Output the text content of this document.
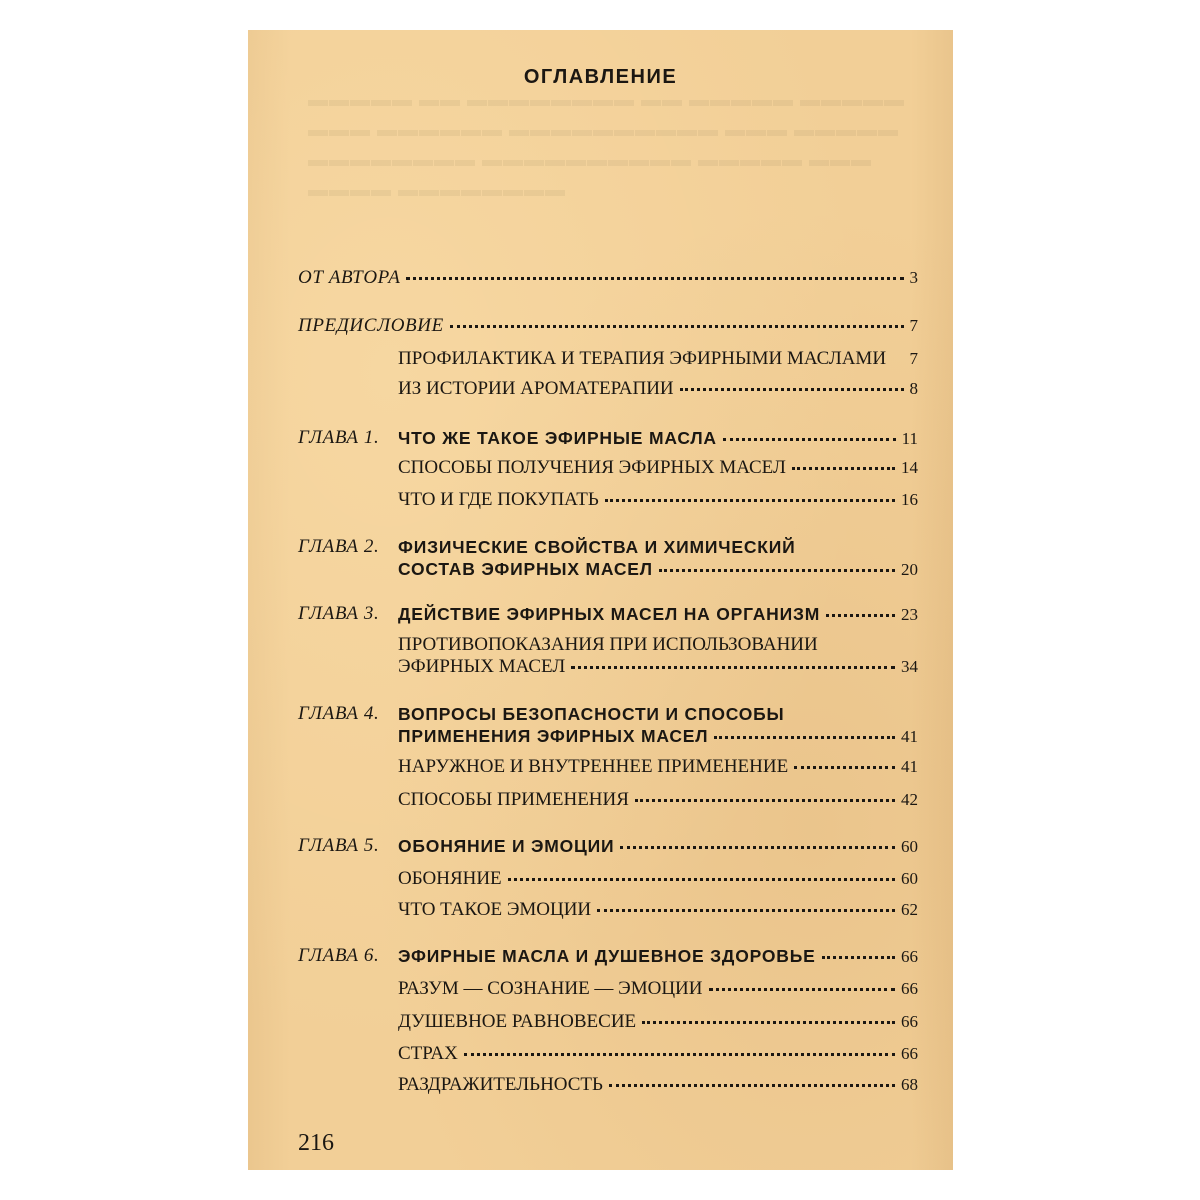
▬▬▬▬▬ ▬▬ ▬▬▬▬▬▬▬▬ ▬▬ ▬▬▬▬▬ ▬▬▬▬▬
▬▬▬ ▬▬▬▬▬▬ ▬▬▬▬▬▬▬▬▬▬ ▬▬▬ ▬▬▬▬▬
▬▬▬▬▬▬▬▬ ▬▬▬▬▬▬▬▬▬▬ ▬▬▬▬▬ ▬▬▬
▬▬▬▬ ▬▬▬▬▬▬▬▬

ОГЛАВЛЕНИЕ
ОТ АВТОРА	3
ПРЕДИСЛОВИЕ	7
ПРОФИЛАКТИКА И ТЕРАПИЯ ЭФИРНЫМИ МАСЛАМИ 7
ИЗ ИСТОРИИ АРОМАТЕРАПИИ	8
ГЛАВА 1. ЧТО ЖЕ ТАКОЕ ЭФИРНЫЕ МАСЛА	11
СПОСОБЫ ПОЛУЧЕНИЯ ЭФИРНЫХ МАСЕЛ	14
ЧТО И ГДЕ ПОКУПАТЬ	16
ГЛАВА 2. ФИЗИЧЕСКИЕ СВОЙСТВА И ХИМИЧЕСКИЙ
СОСТАВ ЭФИРНЫХ МАСЕЛ	20
ГЛАВА 3. ДЕЙСТВИЕ ЭФИРНЫХ МАСЕЛ НА ОРГАНИЗМ	23
ПРОТИВОПОКАЗАНИЯ ПРИ ИСПОЛЬЗОВАНИИ
ЭФИРНЫХ МАСЕЛ	34
ГЛАВА 4. ВОПРОСЫ БЕЗОПАСНОСТИ И СПОСОБЫ
ПРИМЕНЕНИЯ ЭФИРНЫХ МАСЕЛ	41
НАРУЖНОЕ И ВНУТРЕННЕЕ ПРИМЕНЕНИЕ	41
СПОСОБЫ ПРИМЕНЕНИЯ	42
ГЛАВА 5. ОБОНЯНИЕ И ЭМОЦИИ	60
ОБОНЯНИЕ	60
ЧТО ТАКОЕ ЭМОЦИИ	62
ГЛАВА 6. ЭФИРНЫЕ МАСЛА И ДУШЕВНОЕ ЗДОРОВЬЕ	66
РАЗУМ — СОЗНАНИЕ — ЭМОЦИИ	66
ДУШЕВНОЕ РАВНОВЕСИЕ	66
СТРАХ	66
РАЗДРАЖИТЕЛЬНОСТЬ	68
216
